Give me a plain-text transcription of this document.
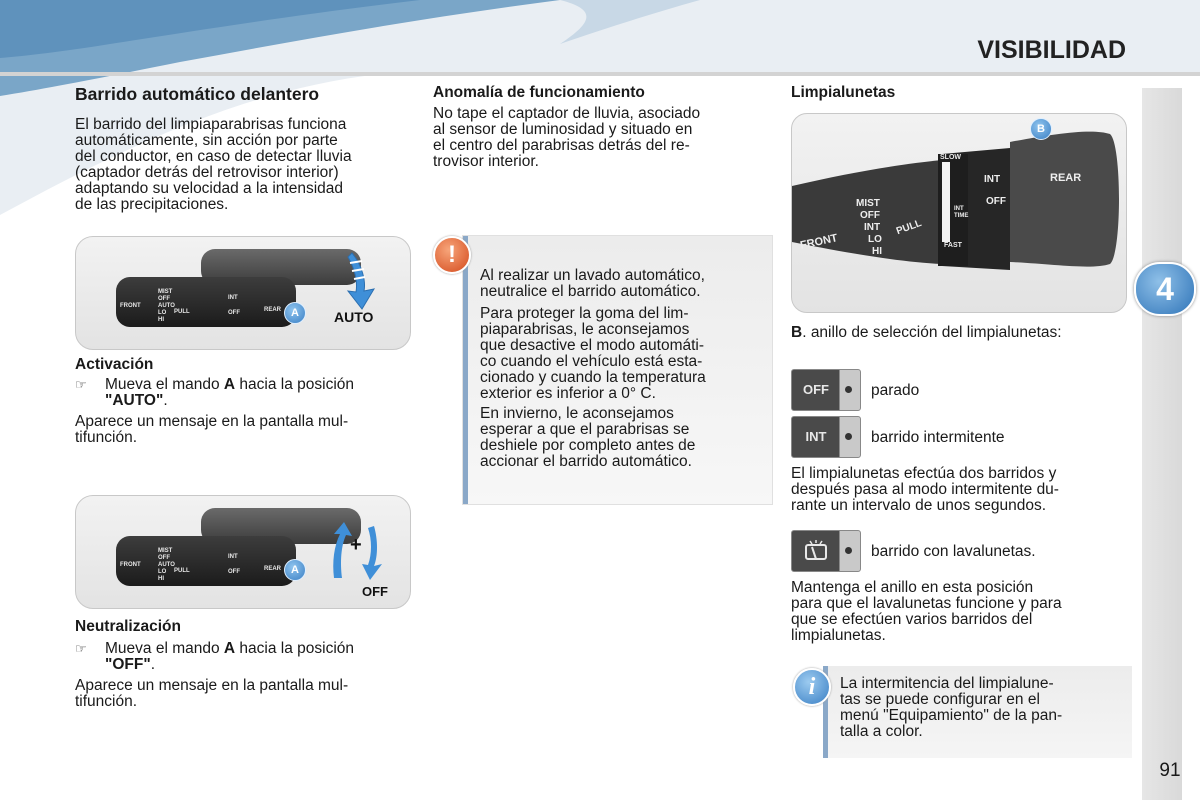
VISIBILIDAD
4
91
Barrido automático delantero
El barrido del limpiaparabrisas funciona
automáticamente, sin acción por parte
del conductor, en caso de detectar lluvia
(captador detrás del retrovisor interior)
adaptando su velocidad a la intensidad
de las precipitaciones.
FRONT
MIST
OFF
AUTO
LO
HI
PULL
INT
OFF	REAR A	AUTO
Activación
☞ Mueva el mando A hacia la posición
"AUTO".
Aparece un mensaje en la pantalla mul-
tifunción.
FRONT
MIST
OFF
AUTO
LO
HI
PULL
INT
OFF	REAR A
+
OFF
Neutralización
☞ Mueva el mando A hacia la posición
"OFF".
Aparece un mensaje en la pantalla mul-
tifunción.
Anomalía de funcionamiento
No tape el captador de lluvia, asociado
al sensor de luminosidad y situado en
el centro del parabrisas detrás del re-
trovisor interior.
!
Al realizar un lavado automático,
neutralice el barrido automático.
Para proteger la goma del lim-
piaparabrisas, le aconsejamos
que desactive el modo automáti-
co cuando el vehículo está esta-
cionado y cuando la temperatura
exterior es inferior a 0° C.
En invierno, le aconsejamos
esperar a que el parabrisas se
deshiele por completo antes de
accionar el barrido automático.
Limpialunetas
FRONT
MIST
OFF
INT
LO
HI
PULL
SLOW
INT TIME
FAST
INT
OFF
REAR
B
B. anillo de selección del limpialunetas:
OFF	parado
INT	barrido intermitente
El limpialunetas efectúa dos barridos y
después pasa al modo intermitente du-
rante un intervalo de unos segundos.
barrido con lavalunetas.
Mantenga el anillo en esta posición
para que el lavalunetas funcione y para
que se efectúen varios barridos del
limpialunetas.
i	La intermitencia del limpialune-
tas se puede configurar en el
menú "Equipamiento" de la pan-
talla a color.
